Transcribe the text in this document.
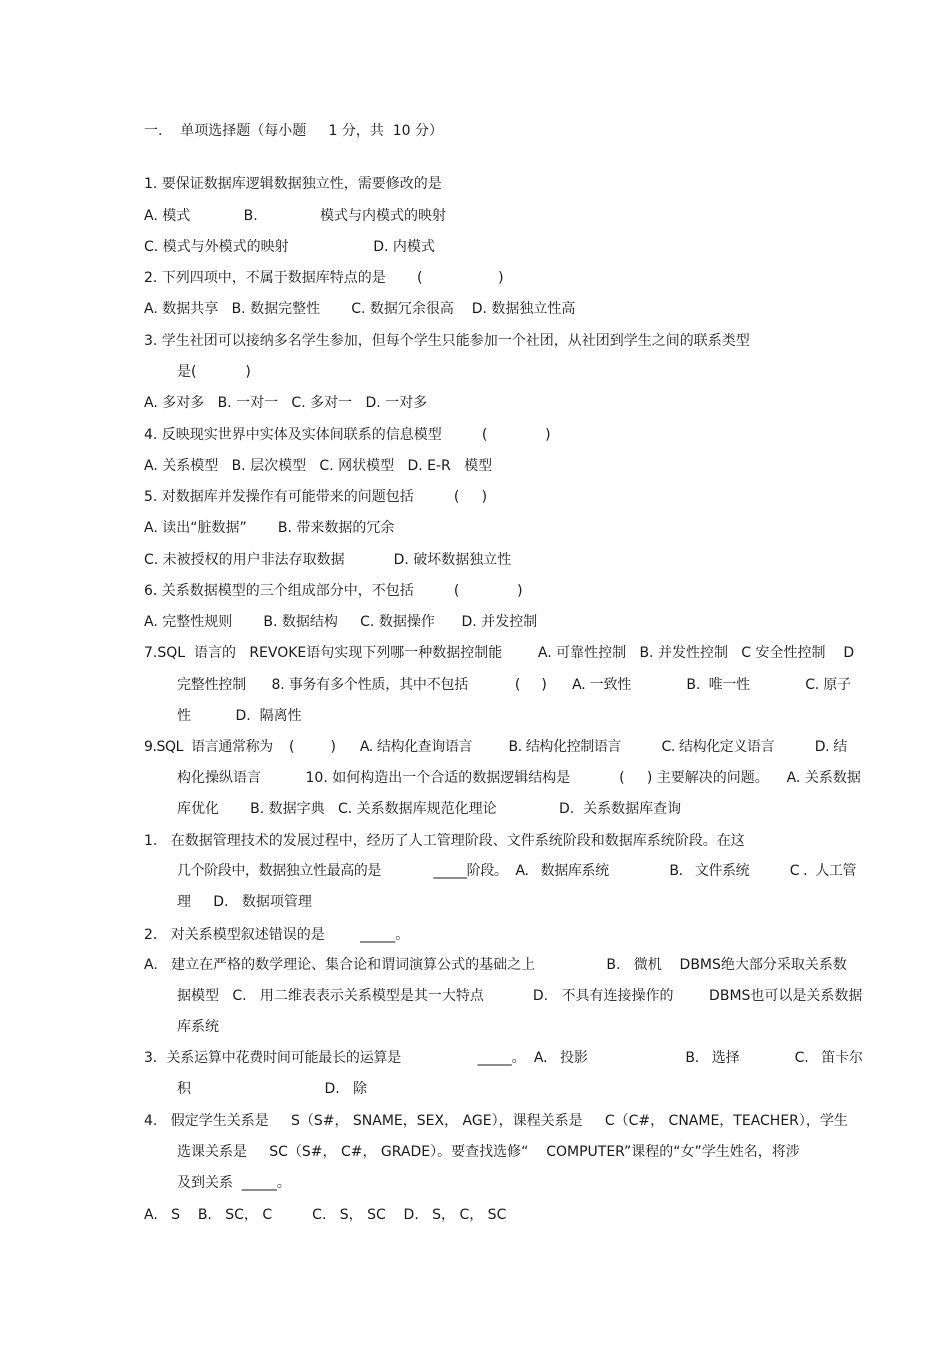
一.    单项选择题（每小题     1 分，共  10 分）

1. 要保证数据库逻辑数据独立性，需要修改的是

A. 模式            B.              模式与内模式的映射

C. 模式与外模式的映射                   D. 内模式

2. 下列四项中，不属于数据库特点的是       (                 )

A. 数据共享   B. 数据完整性       C. 数据冗余很高    D. 数据独立性高

3. 学生社团可以接纳多名学生参加，但每个学生只能参加一个社团，从社团到学生之间的联系类型

是(           )

A. 多对多   B. 一对一   C. 多对一   D. 一对多

4. 反映现实世界中实体及实体间联系的信息模型         (             )

A. 关系模型   B. 层次模型   C. 网状模型   D. E-R   模型

5. 对数据库并发操作有可能带来的问题包括         (     )

A. 读出“脏数据”       B. 带来数据的冗余

C. 未被授权的用户非法存取数据           D. 破坏数据独立性

6. 关系数据模型的三个组成部分中，不包括         (             )

A. 完整性规则       B. 数据结构     C. 数据操作      D. 并发控制

7.SQL  语言的   REVOKE语句实现下列哪一种数据控制能        A. 可靠性控制   B. 并发性控制   C 安全性控制    D

完整性控制      8. 事务有多个性质，其中不包括           (     )      A. 一致性             B.  唯一性             C. 原子

性          D.  隔离性

9.SQL  语言通常称为    (         )      A. 结构化查询语言         B. 结构化控制语言          C. 结构化定义语言          D. 结

构化操纵语言          10. 如何构造出一个合适的数据逻辑结构是           (     ) 主要解决的问题。    A. 关系数据

库优化       B. 数据字典   C. 关系数据库规范化理论              D.  关系数据库查询

1.   在数据管理技术的发展过程中，经历了人工管理阶段、文件系统阶段和数据库系统阶段。在这

几个阶段中，数据独立性最高的是             _____阶段。  A.   数据库系统               B.   文件系统          C .  人工管

理     D.   数据项管理

2.   对关系模型叙述错误的是        _____。

A.   建立在严格的数学理论、集合论和谓词演算公式的基础之上                B.   微机    DBMS绝大部分采取关系数

据模型   C.   用二维表表示关系模型是其一大特点           D.   不具有连接操作的        DBMS也可以是关系数据

库系统

3．关系运算中花费时间可能最长的运算是                  _____。  A.   投影                       B.   选择             C.   笛卡尔

积                              D.   除

4.   假定学生关系是     S（S#， SNAME，SEX， AGE），课程关系是     C（C#， CNAME，TEACHER），学生

选课关系是     SC（S#， C#， GRADE）。要查找选修“    COMPUTER”课程的“女”学生姓名，将涉

及到关系  _____。

A.   S    B.   SC， C         C.   S， SC    D.   S， C， SC
